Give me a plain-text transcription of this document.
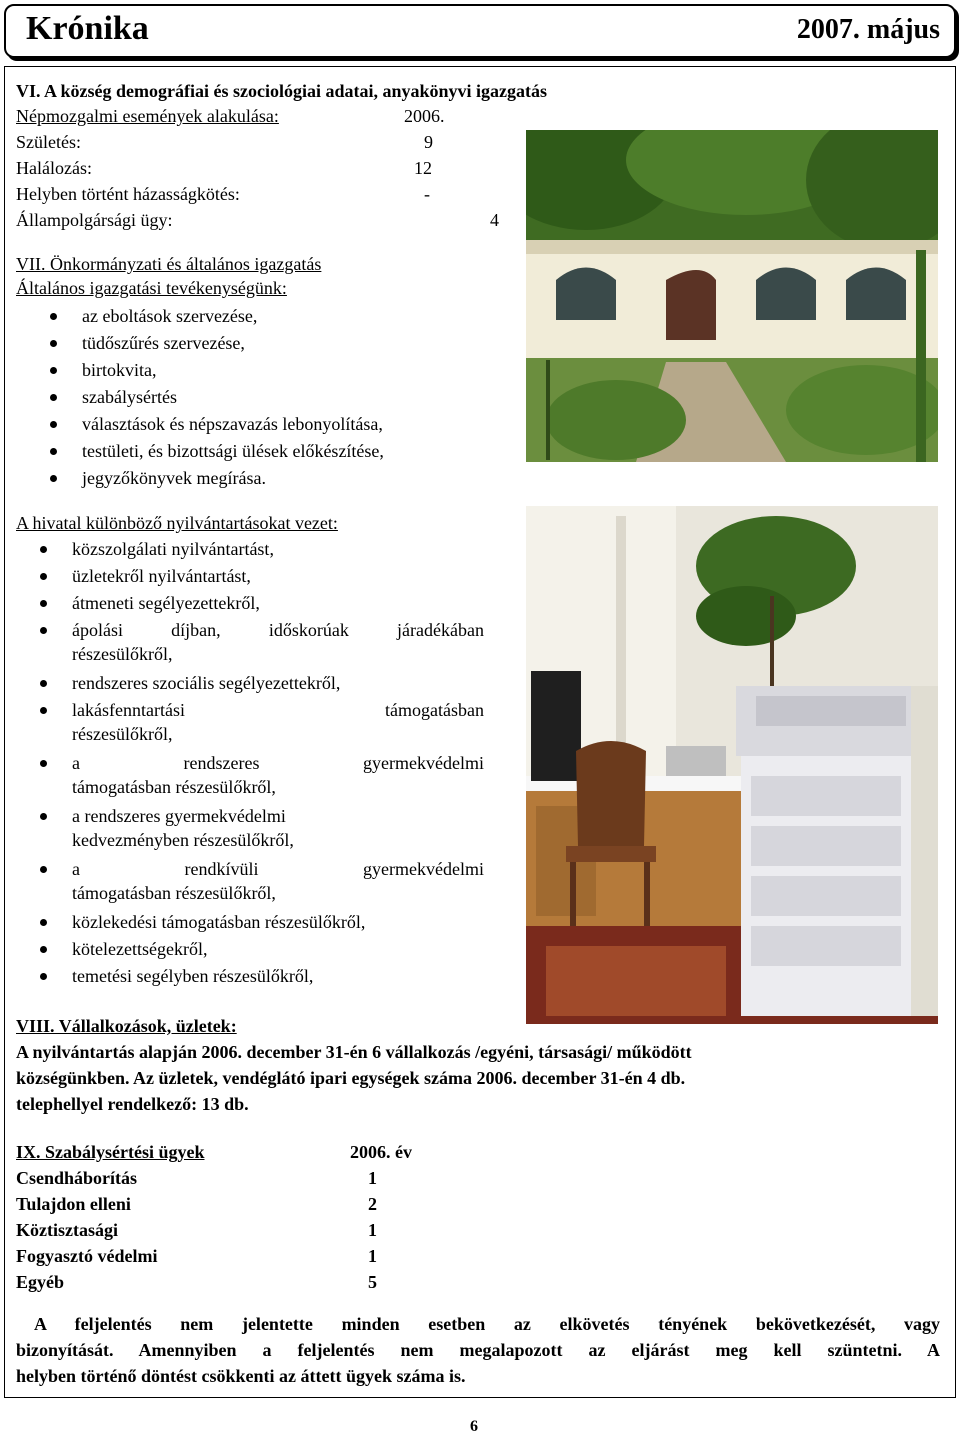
Krónika	2007. május
VI. A község demográfiai és szociológiai adatai, anyakönyvi igazgatás
Népmozgalmi események alakulása:	2006.
Születés:	9
Halálozás:	12
Helyben történt házasságkötés:	-
Állampolgársági ügy:	4
VII. Önkormányzati és általános igazgatás
Általános igazgatási tevékenységünk:
az eboltások szervezése,
tüdőszűrés szervezése,
birtokvita,
szabálysértés
választások és népszavazás lebonyolítása,
testületi, és bizottsági ülések előkészítése,
jegyzőkönyvek megírása.
A hivatal különböző nyilvántartásokat vezet:
közszolgálati nyilvántartást,
üzletekről nyilvántartást,
átmeneti segélyezettekről,
ápolási díjban, időskorúak járadékában
részesülőkről,
rendszeres szociális segélyezettekről,
lakásfenntartási támogatásban
részesülőkről,
a rendszeres gyermekvédelmi
támogatásban részesülőkről,
a rendszeres gyermekvédelmi
kedvezményben részesülőkről,
a rendkívüli gyermekvédelmi
támogatásban részesülőkről,
közlekedési támogatásban részesülőkről,
kötelezettségekről,
temetési segélyben részesülőkről,
VIII. Vállalkozások, üzletek:
A nyilvántartás alapján 2006. december 31-én 6 vállalkozás /egyéni, társasági/ működött
községünkben. Az üzletek, vendéglátó ipari egységek száma 2006. december 31-én 4 db.
telephellyel rendelkező: 13 db.
IX. Szabálysértési ügyek	2006. év
Csendháborítás	1
Tulajdon elleni	2
Köztisztasági	1
Fogyasztó védelmi	1
Egyéb	5
A feljelentés nem jelentette minden esetben az elkövetés tényének bekövetkezését, vagy
bizonyítását. Amennyiben a feljelentés nem megalapozott az eljárást meg kell szüntetni. A
helyben történő döntést csökkenti az áttett ügyek száma is.
6
